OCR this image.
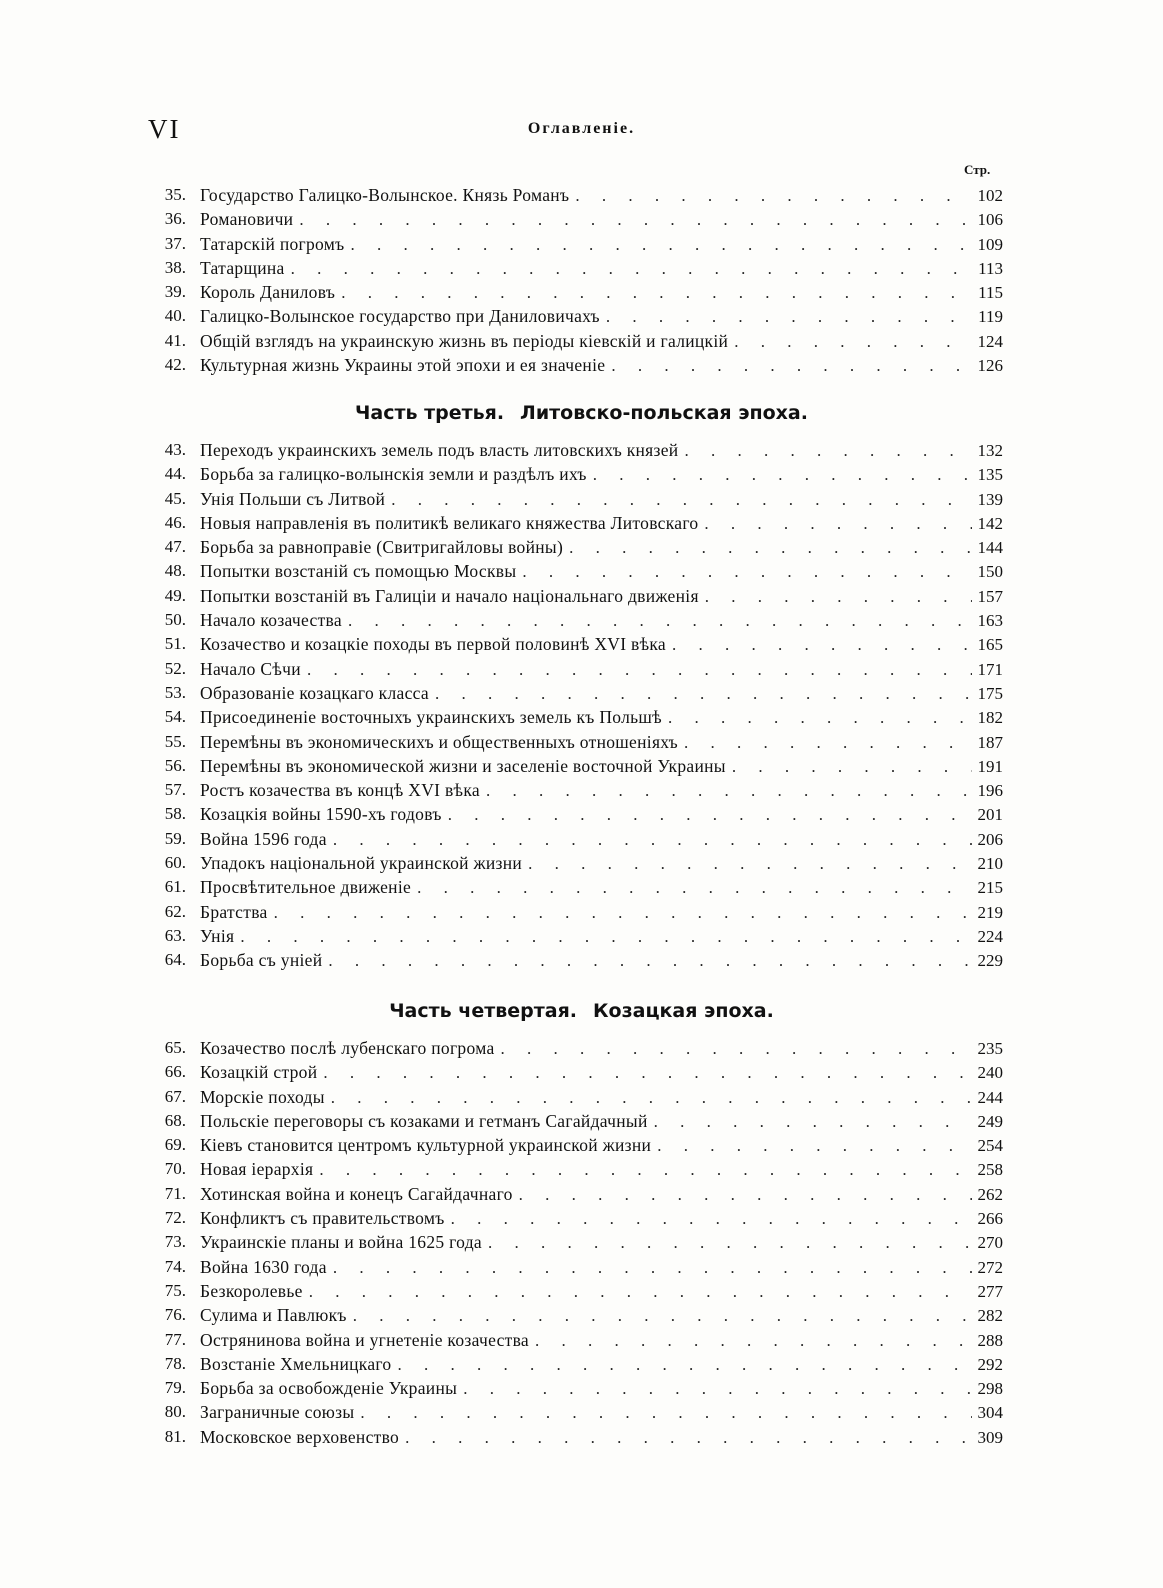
VI	Оглавленіе.
Стр.
35. Государство Галицко-Волынское. Князь Романъ . . .	102
36. Романовичи . . .	106
37. Татарскій погромъ . . .	109
38. Татарщина . . .	113
39. Король Даниловъ . . .	115
40. Галицко-Волынское государство при Даниловичахъ . . .	119
41. Общій взглядъ на украинскую жизнь въ періоды кіевскій и галицкій . . .	124
42. Культурная жизнь Украины этой эпохи и ея значеніе . . .	126
Часть третья. Литовско-польская эпоха.
43. Переходъ украинскихъ земель подъ власть литовскихъ князей . . .	132
44. Борьба за галицко-волынскія земли и раздѣлъ ихъ . . .	135
45. Унія Польши съ Литвой . . .	139
46. Новыя направленія въ политикѣ великаго княжества Литовскаго . . .	142
47. Борьба за равноправіе (Свитригайловы войны) . . .	144
48. Попытки возстаній съ помощью Москвы . . .	150
49. Попытки возстаній въ Галиціи и начало національнаго движенія . . .	157
50. Начало козачества . . .	163
51. Козачество и козацкіе походы въ первой половинѣ XVI вѣка . . .	165
52. Начало Сѣчи . . .	171
53. Образованіе козацкаго класса . . .	175
54. Присоединеніе восточныхъ украинскихъ земель къ Польшѣ . . .	182
55. Перемѣны въ экономическихъ и общественныхъ отношеніяхъ . . .	187
56. Перемѣны въ экономической жизни и заселеніе восточной Украины . . .	191
57. Ростъ козачества въ концѣ XVI вѣка . . .	196
58. Козацкія войны 1590-хъ годовъ . . .	201
59. Война 1596 года . . .	206
60. Упадокъ національной украинской жизни . . .	210
61. Просвѣтительное движеніе . . .	215
62. Братства . . .	219
63. Унія . . .	224
64. Борьба съ уніей . . .	229
Часть четвертая. Козацкая эпоха.
65. Козачество послѣ лубенскаго погрома . . .	235
66. Козацкій строй . . .	240
67. Морскіе походы . . .	244
68. Польскіе переговоры съ козаками и гетманъ Сагайдачный . . .	249
69. Кіевъ становится центромъ культурной украинской жизни . . .	254
70. Новая іерархія . . .	258
71. Хотинская война и конецъ Сагайдачнаго . . .	262
72. Конфликтъ съ правительствомъ . . .	266
73. Украинскіе планы и война 1625 года . . .	270
74. Война 1630 года . . .	272
75. Безкоролевье . . .	277
76. Сулима и Павлюкъ . . .	282
77. Острянинова война и угнетеніе козачества . . .	288
78. Возстаніе Хмельницкаго . . .	292
79. Борьба за освобожденіе Украины . . .	298
80. Заграничные союзы . . .	304
81. Московское верховенство . . .	309
